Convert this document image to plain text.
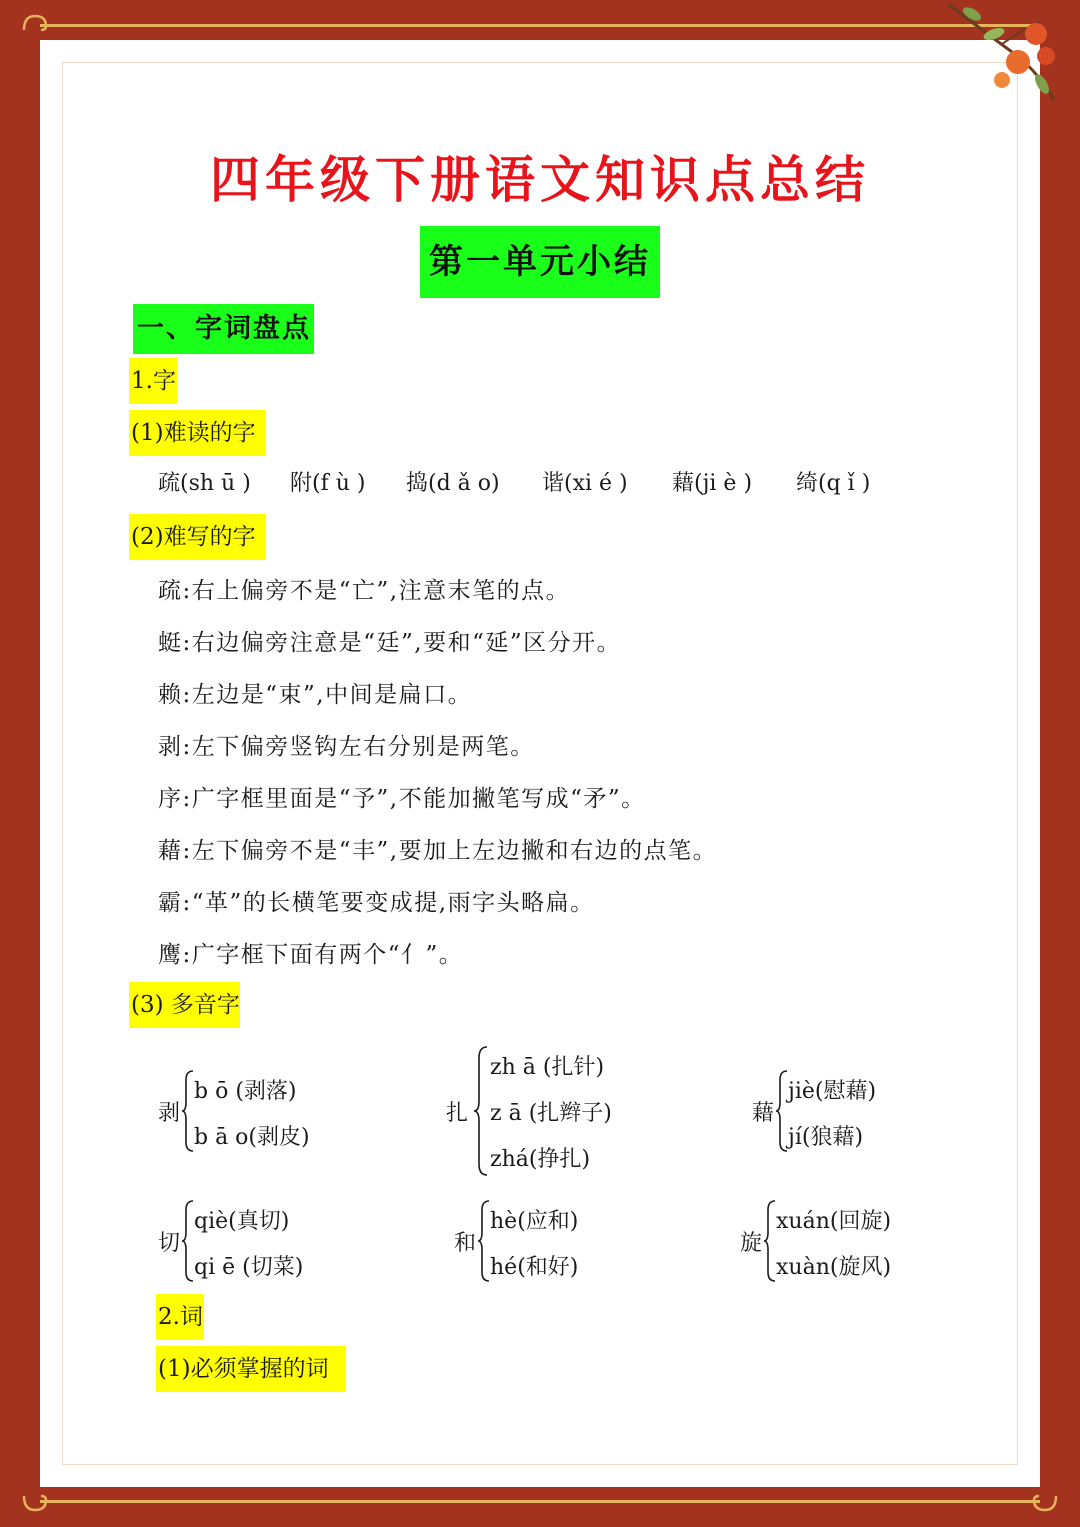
四年级下册语文知识点总结
第一单元小结
一、字词盘点
1.字
(1)难读的字
疏(sh ū ) 附(f ù ) 捣(d ǎ o) 谐(xi é ) 藉(ji è ) 绮(q ǐ )
(2)难写的字
疏:右上偏旁不是“亡”,注意末笔的点。
蜓:右边偏旁注意是“廷”,要和“延”区分开。
赖:左边是“束”,中间是扁口。
剥:左下偏旁竖钩左右分别是两笔。
序:广字框里面是“予”,不能加撇笔写成“矛”。
藉:左下偏旁不是“丰”,要加上左边撇和右边的点笔。
霸:“革”的长横笔要变成提,雨字头略扁。
鹰:广字框下面有两个“亻”。
(3) 多音字
剥
b ō (剥落)
b ā o(剥皮)
扎
zh ā (扎针)
z ā (扎辫子)
zhá(挣扎)
藉
jiè(慰藉)
jí(狼藉)
切
qiè(真切)
qi ē (切菜)
和
hè(应和)
hé(和好)
旋
xuán(回旋)
xuàn(旋风)
2.词
(1)必须掌握的词
